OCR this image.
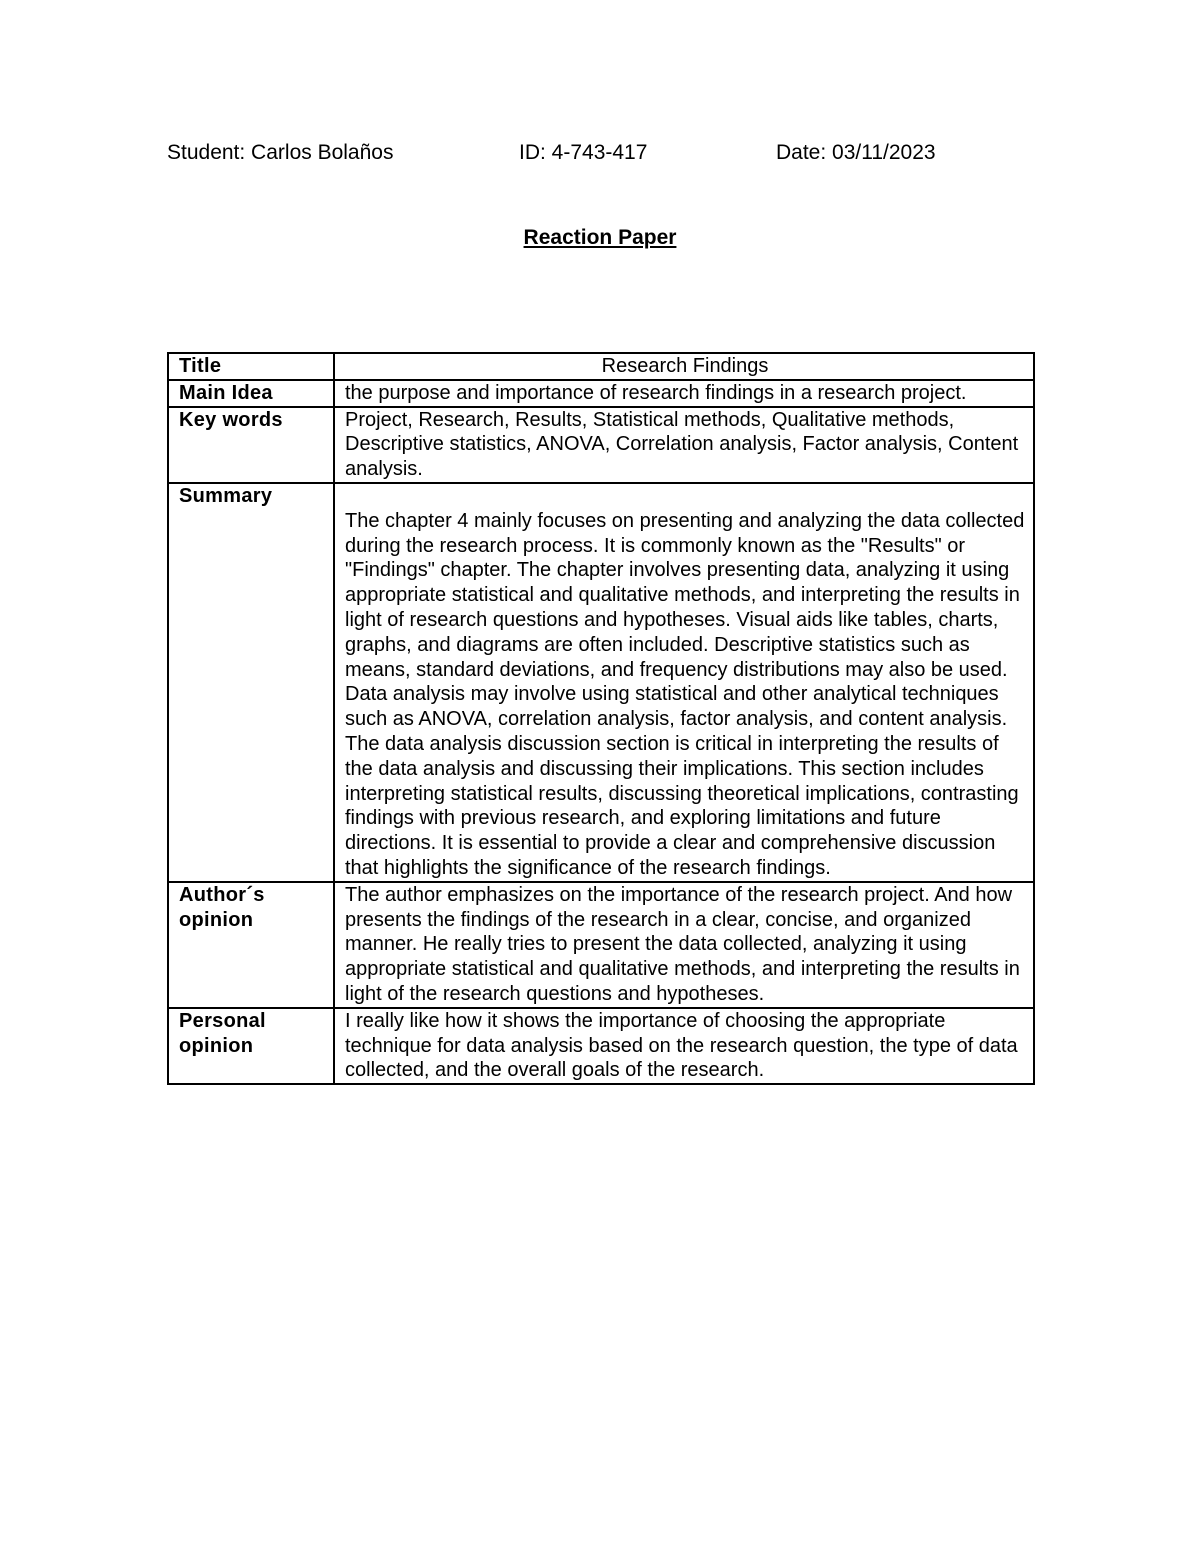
Student: Carlos Bolaños	ID: 4-743-417	Date: 03/11/2023
Reaction Paper
Title	Research Findings
Main Idea	the purpose and importance of research findings in a research project.
Key words	Project, Research, Results, Statistical methods, Qualitative methods, Descriptive statistics, ANOVA, Correlation analysis, Factor analysis, Content analysis.
Summary	The chapter 4 mainly focuses on presenting and analyzing the data collected during the research process. It is commonly known as the "Results" or "Findings" chapter. The chapter involves presenting data, analyzing it using appropriate statistical and qualitative methods, and interpreting the results in light of research questions and hypotheses. Visual aids like tables, charts, graphs, and diagrams are often included. Descriptive statistics such as means, standard deviations, and frequency distributions may also be used. Data analysis may involve using statistical and other analytical techniques such as ANOVA, correlation analysis, factor analysis, and content analysis. The data analysis discussion section is critical in interpreting the results of the data analysis and discussing their implications. This section includes interpreting statistical results, discussing theoretical implications, contrasting findings with previous research, and exploring limitations and future directions. It is essential to provide a clear and comprehensive discussion that highlights the significance of the research findings.
Author´s opinion	The author emphasizes on the importance of the research project. And how presents the findings of the research in a clear, concise, and organized manner. He really tries to present the data collected, analyzing it using appropriate statistical and qualitative methods, and interpreting the results in light of the research questions and hypotheses.
Personal opinion	I really like how it shows the importance of choosing the appropriate technique for data analysis based on the research question, the type of data collected, and the overall goals of the research.
